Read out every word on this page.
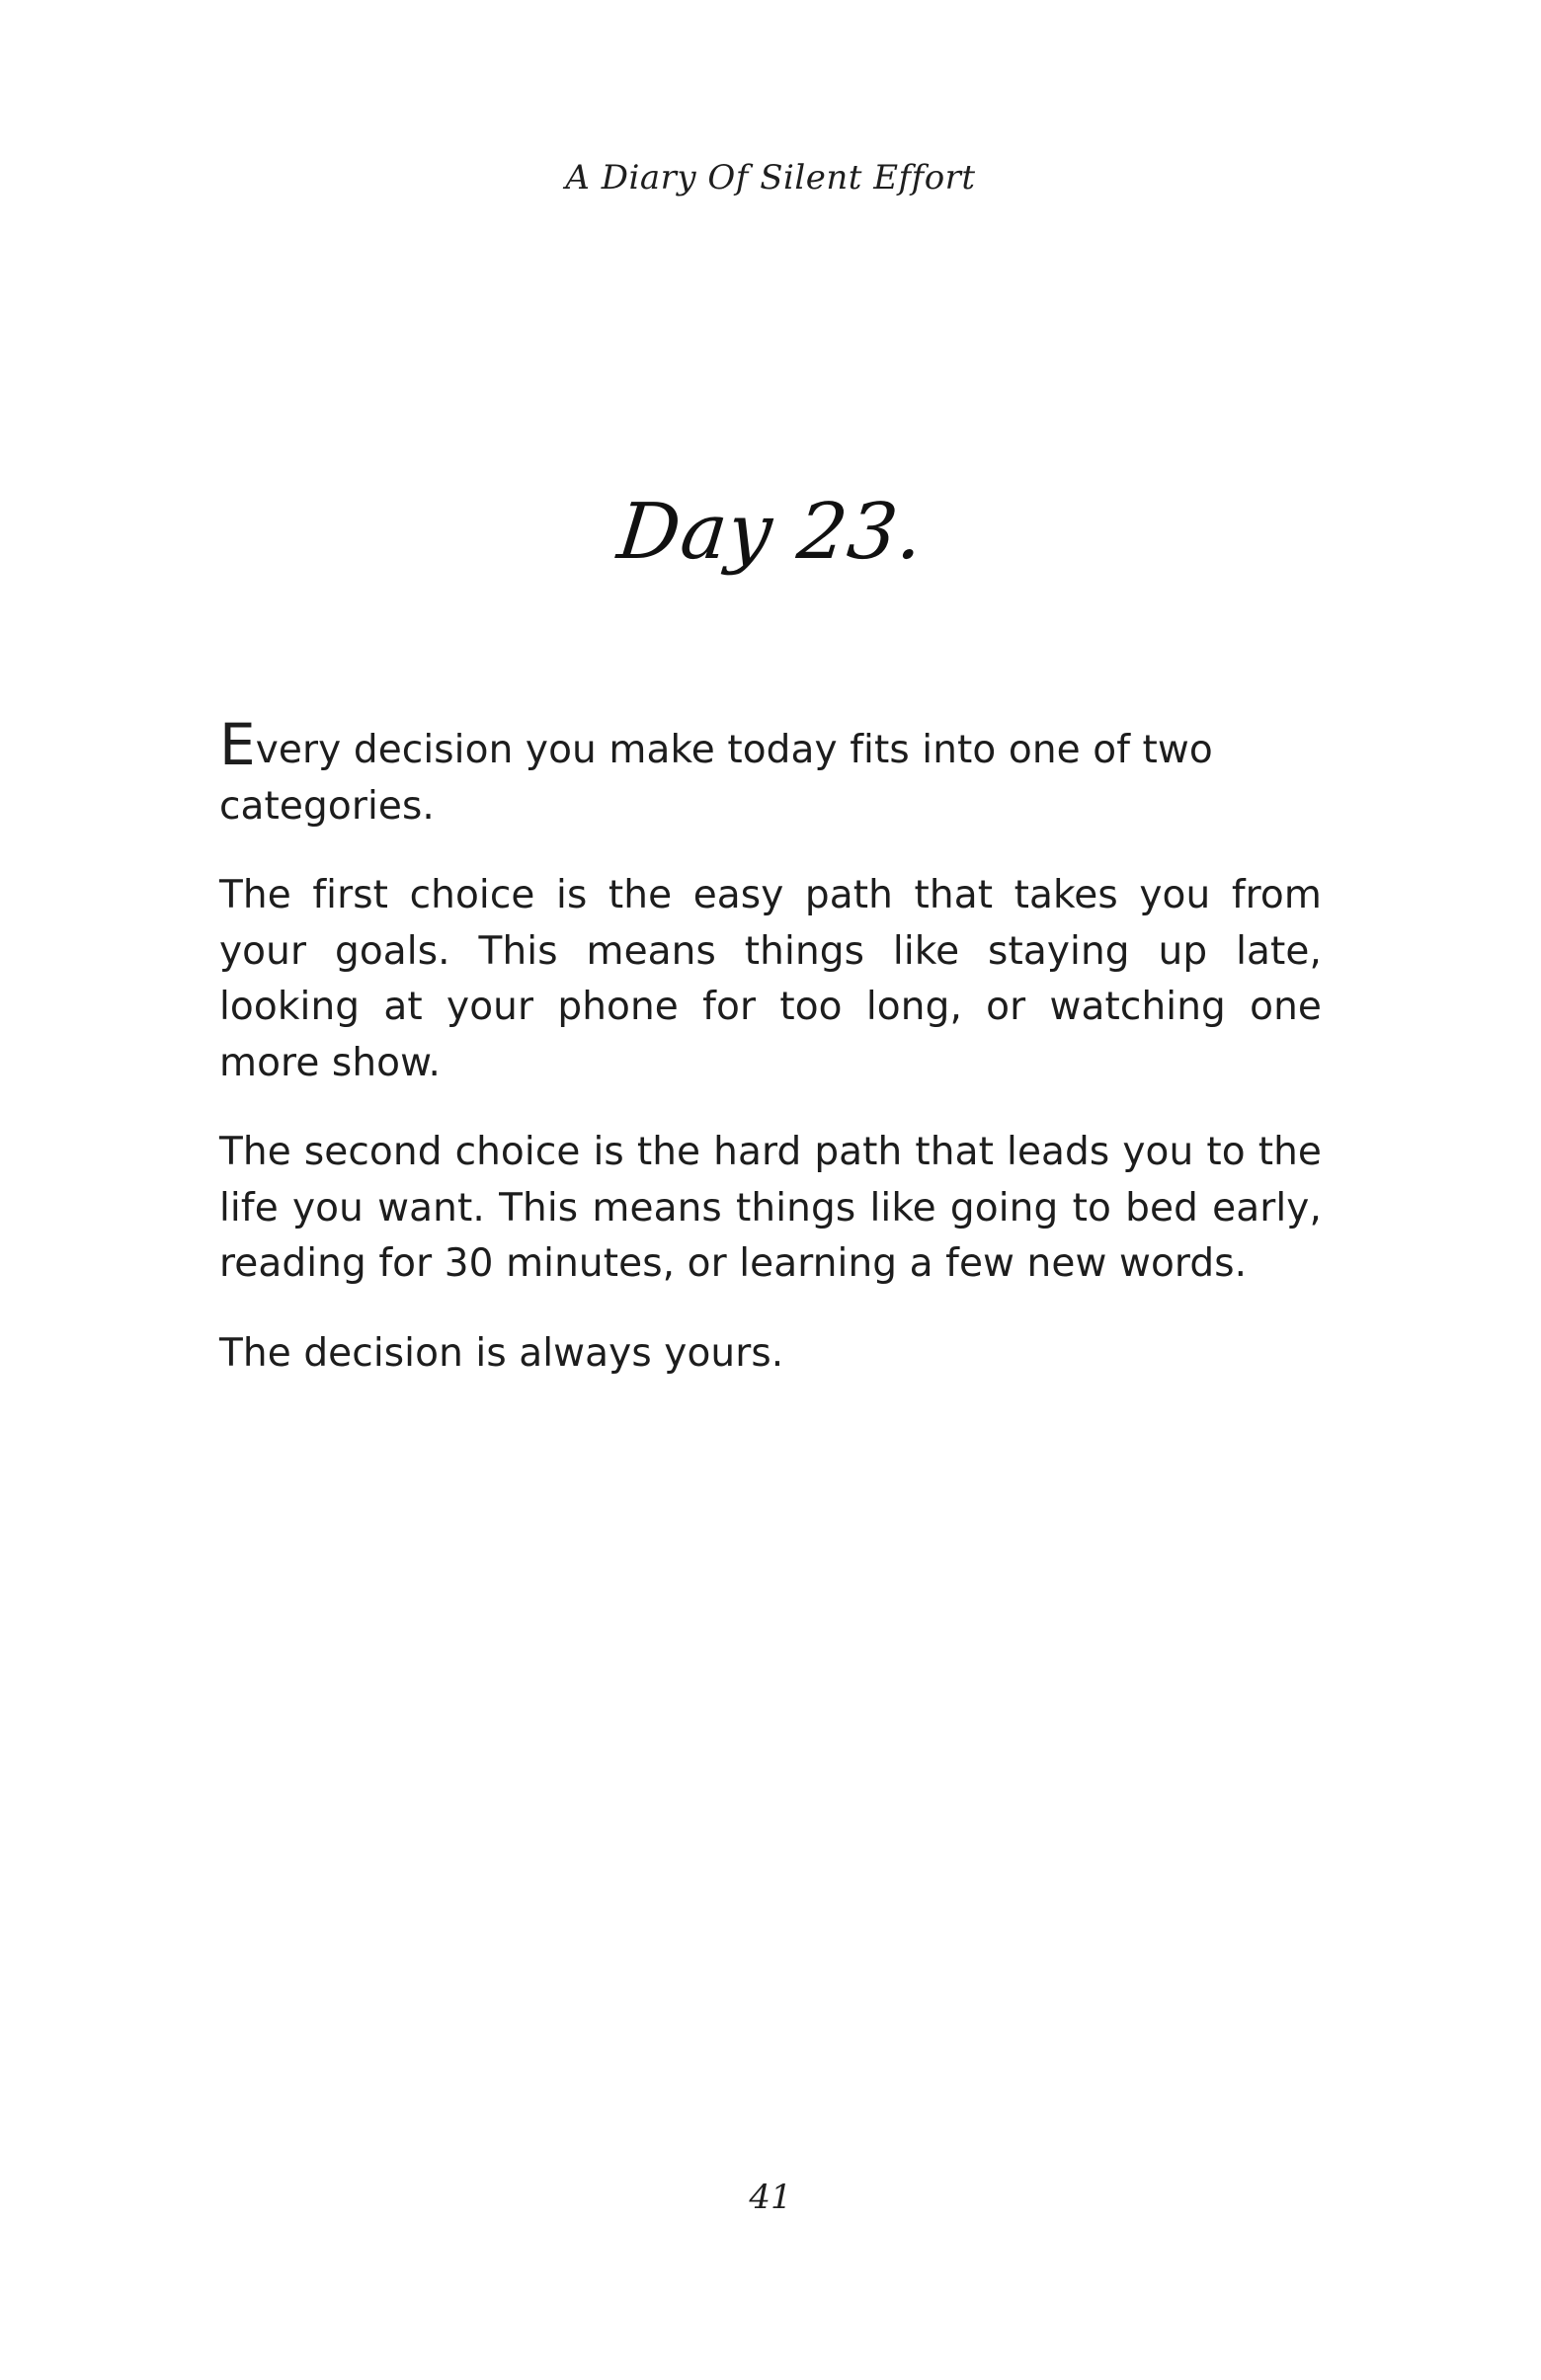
A Diary Of Silent Effort
Day 23.

Every decision you make today fits into one of two categories.

The first choice is the easy path that takes you from your goals. This means things like staying up late, looking at your phone for too long, or watching one more show.

The second choice is the hard path that leads you to the life you want. This means things like going to bed early, reading for 30 minutes, or learning a few new words.

The decision is always yours.

41
